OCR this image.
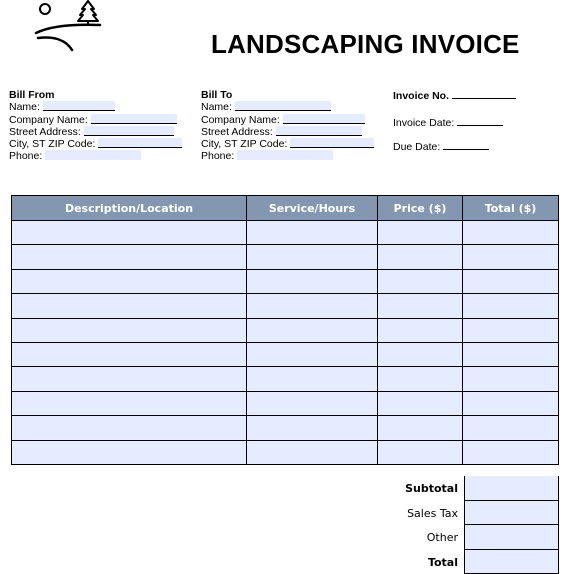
LANDSCAPING INVOICE
Bill From
Name:
Company Name:
Street Address:
City, ST ZIP Code:
Phone:
Bill To
Name:
Company Name:
Street Address:
City, ST ZIP Code:
Phone:
Invoice No.
Invoice Date:
Due Date:
Description/Location	Service/Hours	Price ($)	Total ($)

Subtotal
Sales Tax
Other
Total
